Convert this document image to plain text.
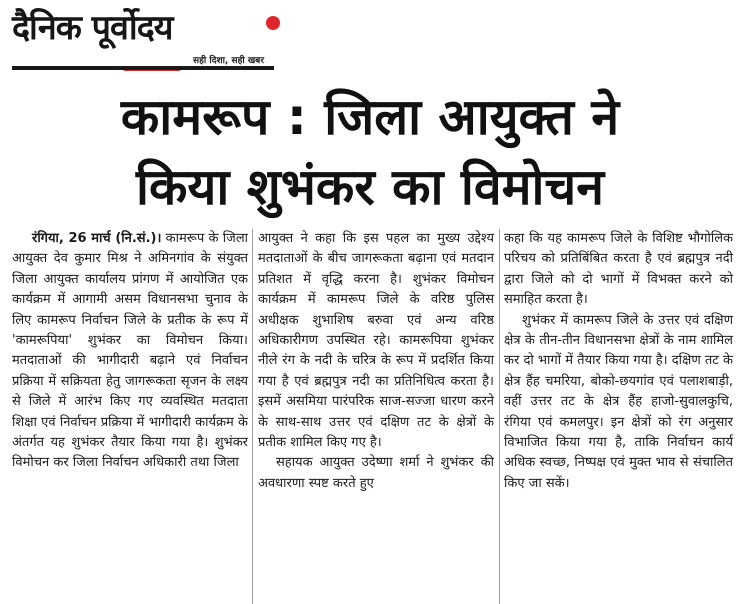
दैनिक पूर्वोदय
सही दिशा, सही खबर
कामरूप : जिला आयुक्त ने
किया शुभंकर का विमोचन

रंगिया, 26 मार्च (नि.सं.)। कामरूप के जिला आयुक्त देव कुमार मिश्र ने अमिनगांव के संयुक्त जिला आयुक्त कार्यालय प्रांगण में आयोजित एक कार्यक्रम में आगामी असम विधानसभा चुनाव के लिए कामरूप निर्वाचन जिले के प्रतीक के रूप में 'कामरूपिया' शुभंकर का विमोचन किया। मतदाताओं की भागीदारी बढ़ाने एवं निर्वाचन प्रक्रिया में सक्रियता हेतु जागरूकता सृजन के लक्ष्य से जिले में आरंभ किए गए व्यवस्थित मतदाता शिक्षा एवं निर्वाचन प्रक्रिया में भागीदारी कार्यक्रम के अंतर्गत यह शुभंकर तैयार किया गया है। शुभंकर विमोचन कर जिला निर्वाचन अधिकारी तथा जिला

आयुक्त ने कहा कि इस पहल का मुख्य उद्देश्य मतदाताओं के बीच जागरूकता बढ़ाना एवं मतदान प्रतिशत में वृद्धि करना है। शुभंकर विमोचन कार्यक्रम में कामरूप जिले के वरिष्ठ पुलिस अधीक्षक शुभाशिष बरुवा एवं अन्य वरिष्ठ अधिकारीगण उपस्थित रहे। कामरूपिया शुभंकर नीले रंग के नदी के चरित्र के रूप में प्रदर्शित किया गया है एवं ब्रह्मपुत्र नदी का प्रतिनिधित्व करता है। इसमें असमिया पारंपरिक साज-सज्जा धारण करने के साथ-साथ उत्तर एवं दक्षिण तट के क्षेत्रों के प्रतीक शामिल किए गए है।

सहायक आयुक्त उदेष्णा शर्मा ने शुभंकर की अवधारणा स्पष्ट करते हुए

कहा कि यह कामरूप जिले के विशिष्ट भौगोलिक परिचय को प्रतिबिंबित करता है एवं ब्रह्मपुत्र नदी द्वारा जिले को दो भागों में विभक्त करने को समाहित करता है।

शुभंकर में कामरूप जिले के उत्तर एवं दक्षिण क्षेत्र के तीन-तीन विधानसभा क्षेत्रों के नाम शामिल कर दो भागों में तैयार किया गया है। दक्षिण तट के क्षेत्र हैंह चमरिया, बोको-छयगांव एवं पलाशबाड़ी, वहीं उत्तर तट के क्षेत्र हैंह हाजो-सुवालकुचि, रंगिया एवं कमलपुर। इन क्षेत्रों को रंग अनुसार विभाजित किया गया है, ताकि निर्वाचन कार्य अधिक स्वच्छ, निष्पक्ष एवं मुक्त भाव से संचालित किए जा सकें।
